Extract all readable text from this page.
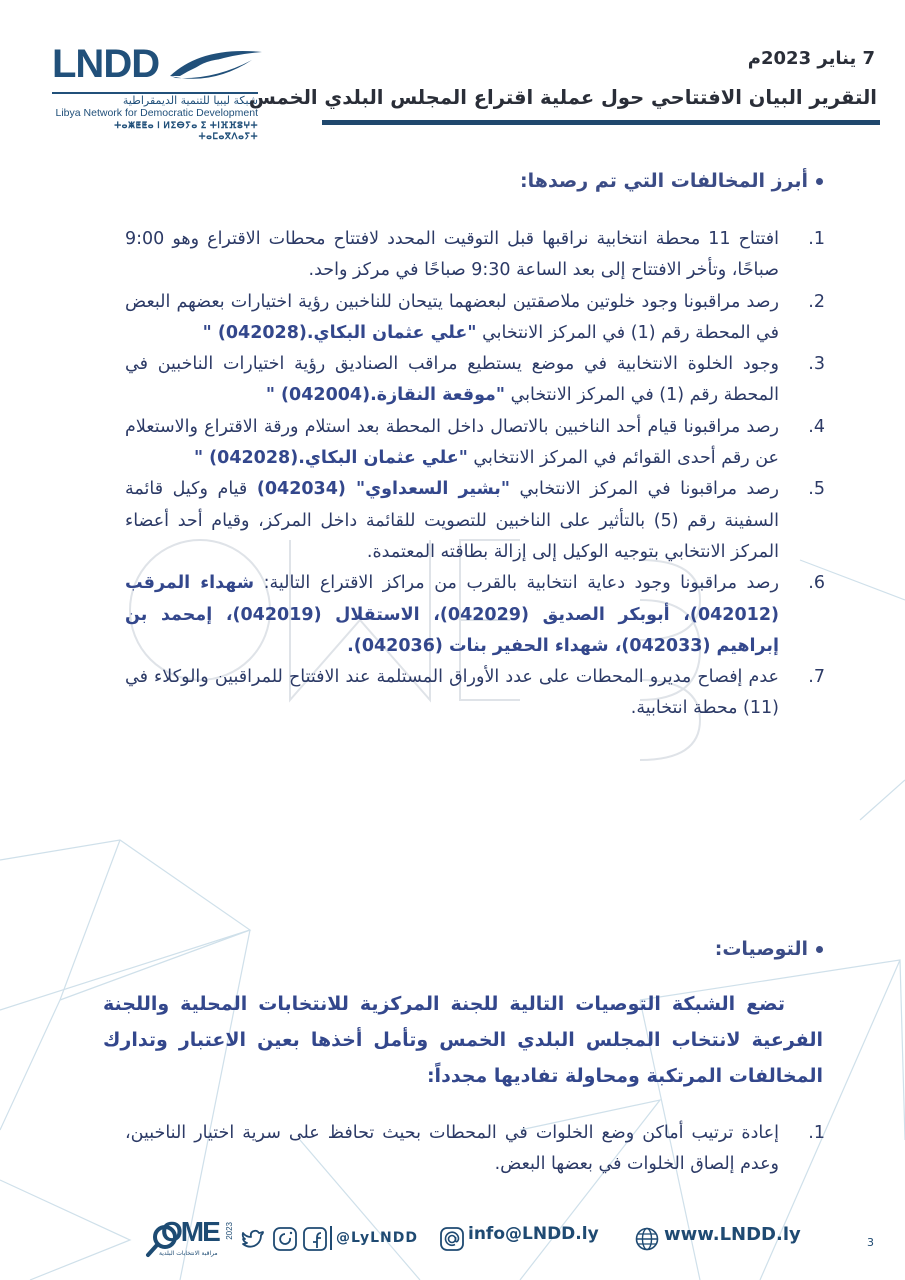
LNDD
شبكة ليبيا للتنمية الديمقراطية
Libya Network for Democratic Development
ⵜⴰⵥⵟⵟⴰ ⵏ ⵍⵉⴱⵢⴰ ⵉ ⵜⵏⴼⴼⵓⵖⵜ ⵜⴰⵎⴰⴳⴷⴰⵢⵜ
7 يناير 2023م
التقرير البيان الافتتاحي حول عملية اقتراع المجلس البلدي الخمس
أبرز المخالفات التي تم رصدها:
.1
افتتاح 11 محطة انتخابية نراقبها قبل التوقيت المحدد لافتتاح محطات الاقتراع وهو 9:00 صباحًا، وتأخر الافتتاح إلى بعد الساعة 9:30 صباحًا في مركز واحد.
.2
رصد مراقبونا وجود خلوتين ملاصقتين لبعضهما يتيحان للناخبين رؤية اختيارات بعضهم البعض في المحطة رقم (1) في المركز الانتخابي "علي عثمان البكاي.(042028) "
.3
وجود الخلوة الانتخابية في موضع يستطيع مراقب الصناديق رؤية اختيارات الناخبين في المحطة رقم (1) في المركز الانتخابي "موقعة النقازة.(042004) "
.4
رصد مراقبونا قيام أحد الناخبين بالاتصال داخل المحطة بعد استلام ورقة الاقتراع والاستعلام عن رقم أحدى القوائم في المركز الانتخابي "علي عثمان البكاي.(042028) "
.5
رصد مراقبونا في المركز الانتخابي "بشير السعداوي" (042034) قيام وكيل قائمة السفينة رقم (5) بالتأثير على الناخبين للتصويت للقائمة داخل المركز، وقيام أحد أعضاء المركز الانتخابي بتوجيه الوكيل إلى إزالة بطاقته المعتمدة.
.6
رصد مراقبونا وجود دعاية انتخابية بالقرب من مراكز الاقتراع التالية: شهداء المرقب (042012)، أبوبكر الصديق (042029)، الاستقلال (042019)، إمحمد بن إبراهيم (042033)، شهداء الحفير بنات (042036).
.7
عدم إفصاح مديرو المحطات على عدد الأوراق المستلمة عند الافتتاح للمراقبين والوكلاء في (11) محطة انتخابية.
التوصيات:
تضع الشبكة التوصيات التالية للجنة المركزية للانتخابات المحلية واللجنة الفرعية لانتخاب المجلس البلدي الخمس وتأمل أخذها بعين الاعتبار وتدارك المخالفات المرتكبة ومحاولة تفاديها مجدداً:
.1
إعادة ترتيب أماكن وضع الخلوات في المحطات بحيث تحافظ على سرية اختيار الناخبين، وعدم إلصاق الخلوات في بعضها البعض.
OME 2023
مراقبة الانتخابات البلدية
@LyLNDD	info@LNDD.ly	www.LNDD.ly	3
